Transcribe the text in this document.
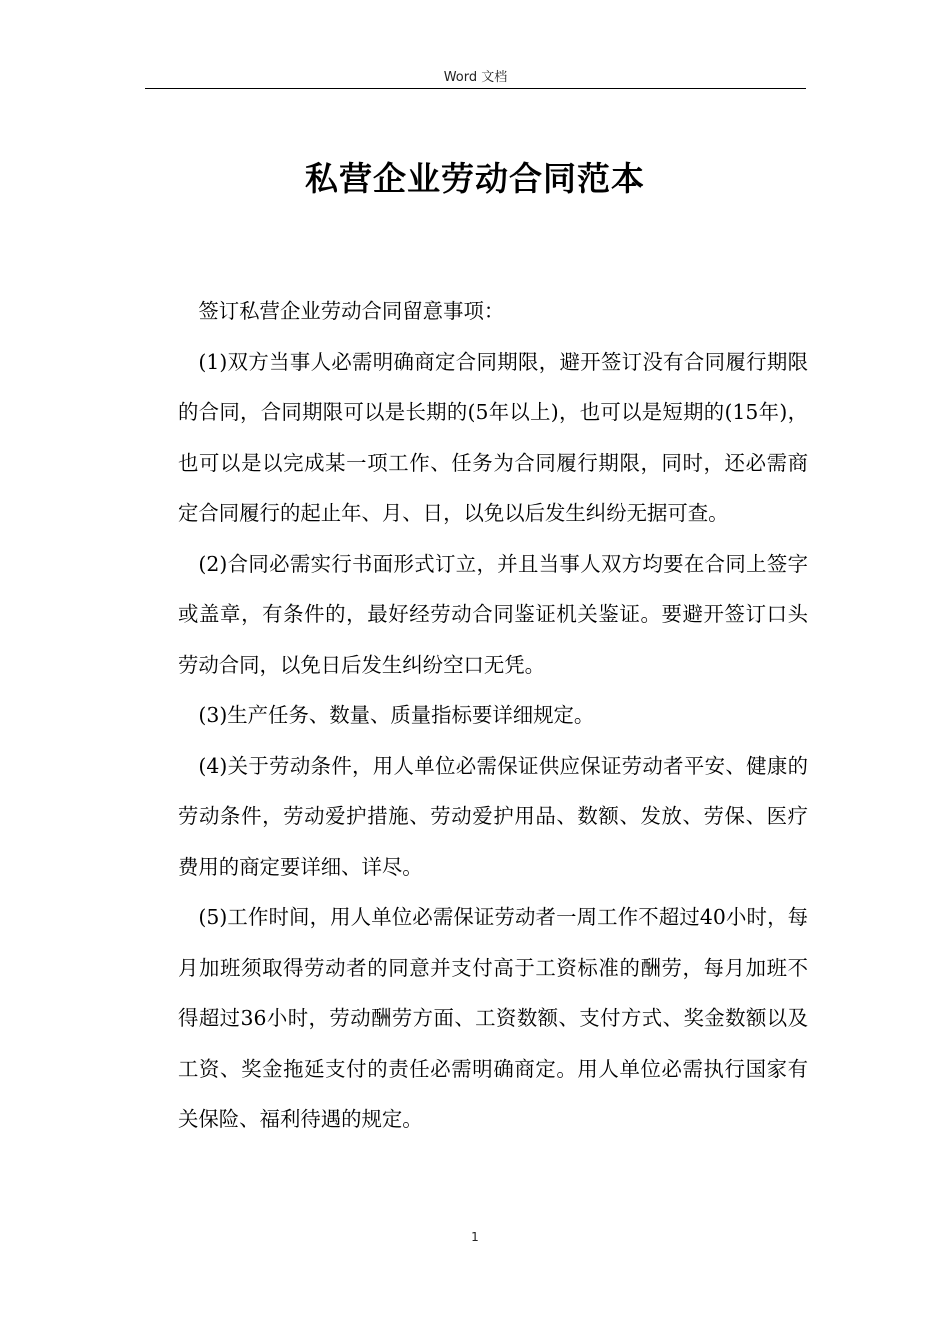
Word 文档
私营企业劳动合同范本

签订私营企业劳动合同留意事项：

(1)双方当事人必需明确商定合同期限，避开签订没有合同履行期限的合同，合同期限可以是长期的(5年以上)，也可以是短期的(15年)，也可以是以完成某一项工作、任务为合同履行期限，同时，还必需商定合同履行的起止年、月、日，以免以后发生纠纷无据可查。

(2)合同必需实行书面形式订立，并且当事人双方均要在合同上签字或盖章，有条件的，最好经劳动合同鉴证机关鉴证。要避开签订口头劳动合同，以免日后发生纠纷空口无凭。

(3)生产任务、数量、质量指标要详细规定。

(4)关于劳动条件，用人单位必需保证供应保证劳动者平安、健康的劳动条件，劳动爱护措施、劳动爱护用品、数额、发放、劳保、医疗费用的商定要详细、详尽。

(5)工作时间，用人单位必需保证劳动者一周工作不超过40小时，每月加班须取得劳动者的同意并支付高于工资标准的酬劳，每月加班不得超过36小时，劳动酬劳方面、工资数额、支付方式、奖金数额以及工资、奖金拖延支付的责任必需明确商定。用人单位必需执行国家有关保险、福利待遇的规定。

1
